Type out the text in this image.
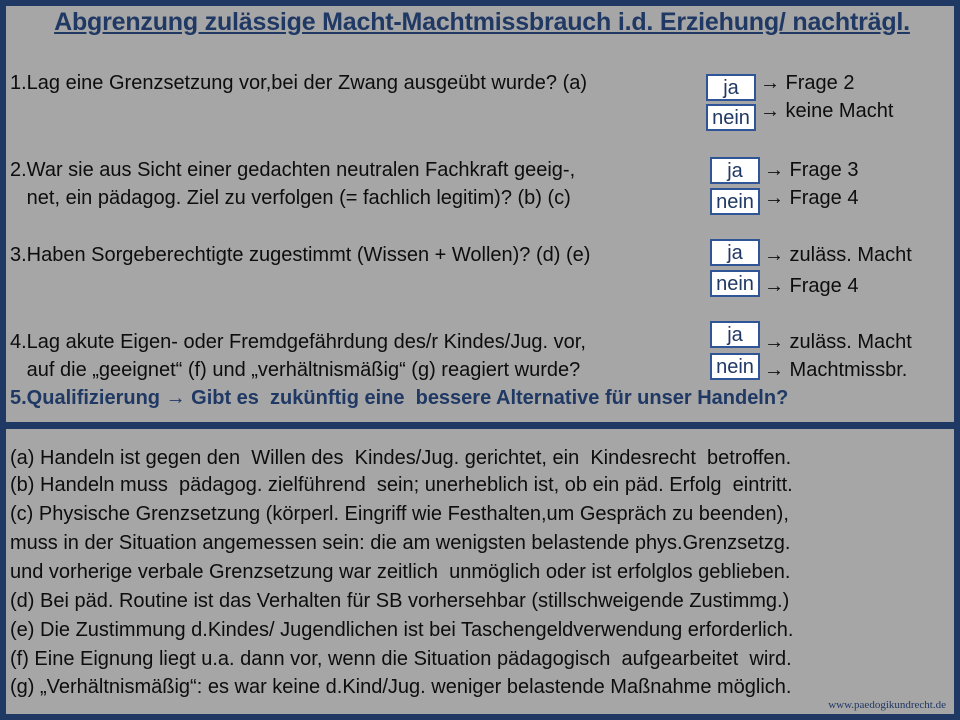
Abgrenzung zulässige Macht-Machtmissbrauch i.d. Erziehung/ nachträgl.
1.Lag eine Grenzsetzung vor,bei der Zwang ausgeübt wurde? (a)	ja	→ Frage 2
nein → keine Macht
2.War sie aus Sicht einer gedachten neutralen Fachkraft geeig-,
net, ein pädagog. Ziel zu verfolgen (= fachlich legitim)? (b) (c)
ja	→ Frage 3
nein → Frage 4
3.Haben Sorgeberechtigte zugestimmt (Wissen + Wollen)? (d) (e)	ja	→ zuläss. Macht
nein → Frage 4
4.Lag akute Eigen- oder Fremdgefährdung des/r Kindes/Jug. vor,
auf die „geeignet“ (f) und „verhältnismäßig“ (g) reagiert wurde?
ja	→ zuläss. Macht
nein → Machtmissbr.
5.Qualifizierung → Gibt es  zukünftig eine  bessere Alternative für unser Handeln?
(a) Handeln ist gegen den  Willen des  Kindes/Jug. gerichtet, ein  Kindesrecht  betroffen.
(b) Handeln muss  pädagog. zielführend  sein; unerheblich ist, ob ein päd. Erfolg  eintritt.
(c) Physische Grenzsetzung (körperl. Eingriff wie Festhalten,um Gespräch zu beenden),
muss in der Situation angemessen sein: die am wenigsten belastende phys.Grenzsetzg.
und vorherige verbale Grenzsetzung war zeitlich  unmöglich oder ist erfolglos geblieben.
(d) Bei päd. Routine ist das Verhalten für SB vorhersehbar (stillschweigende Zustimmg.)
(e) Die Zustimmung d.Kindes/ Jugendlichen ist bei Taschengeldverwendung erforderlich.
(f) Eine Eignung liegt u.a. dann vor, wenn die Situation pädagogisch  aufgearbeitet  wird.
(g) „Verhältnismäßig“: es war keine d.Kind/Jug. weniger belastende Maßnahme möglich.
www.paedogikundrecht.de
